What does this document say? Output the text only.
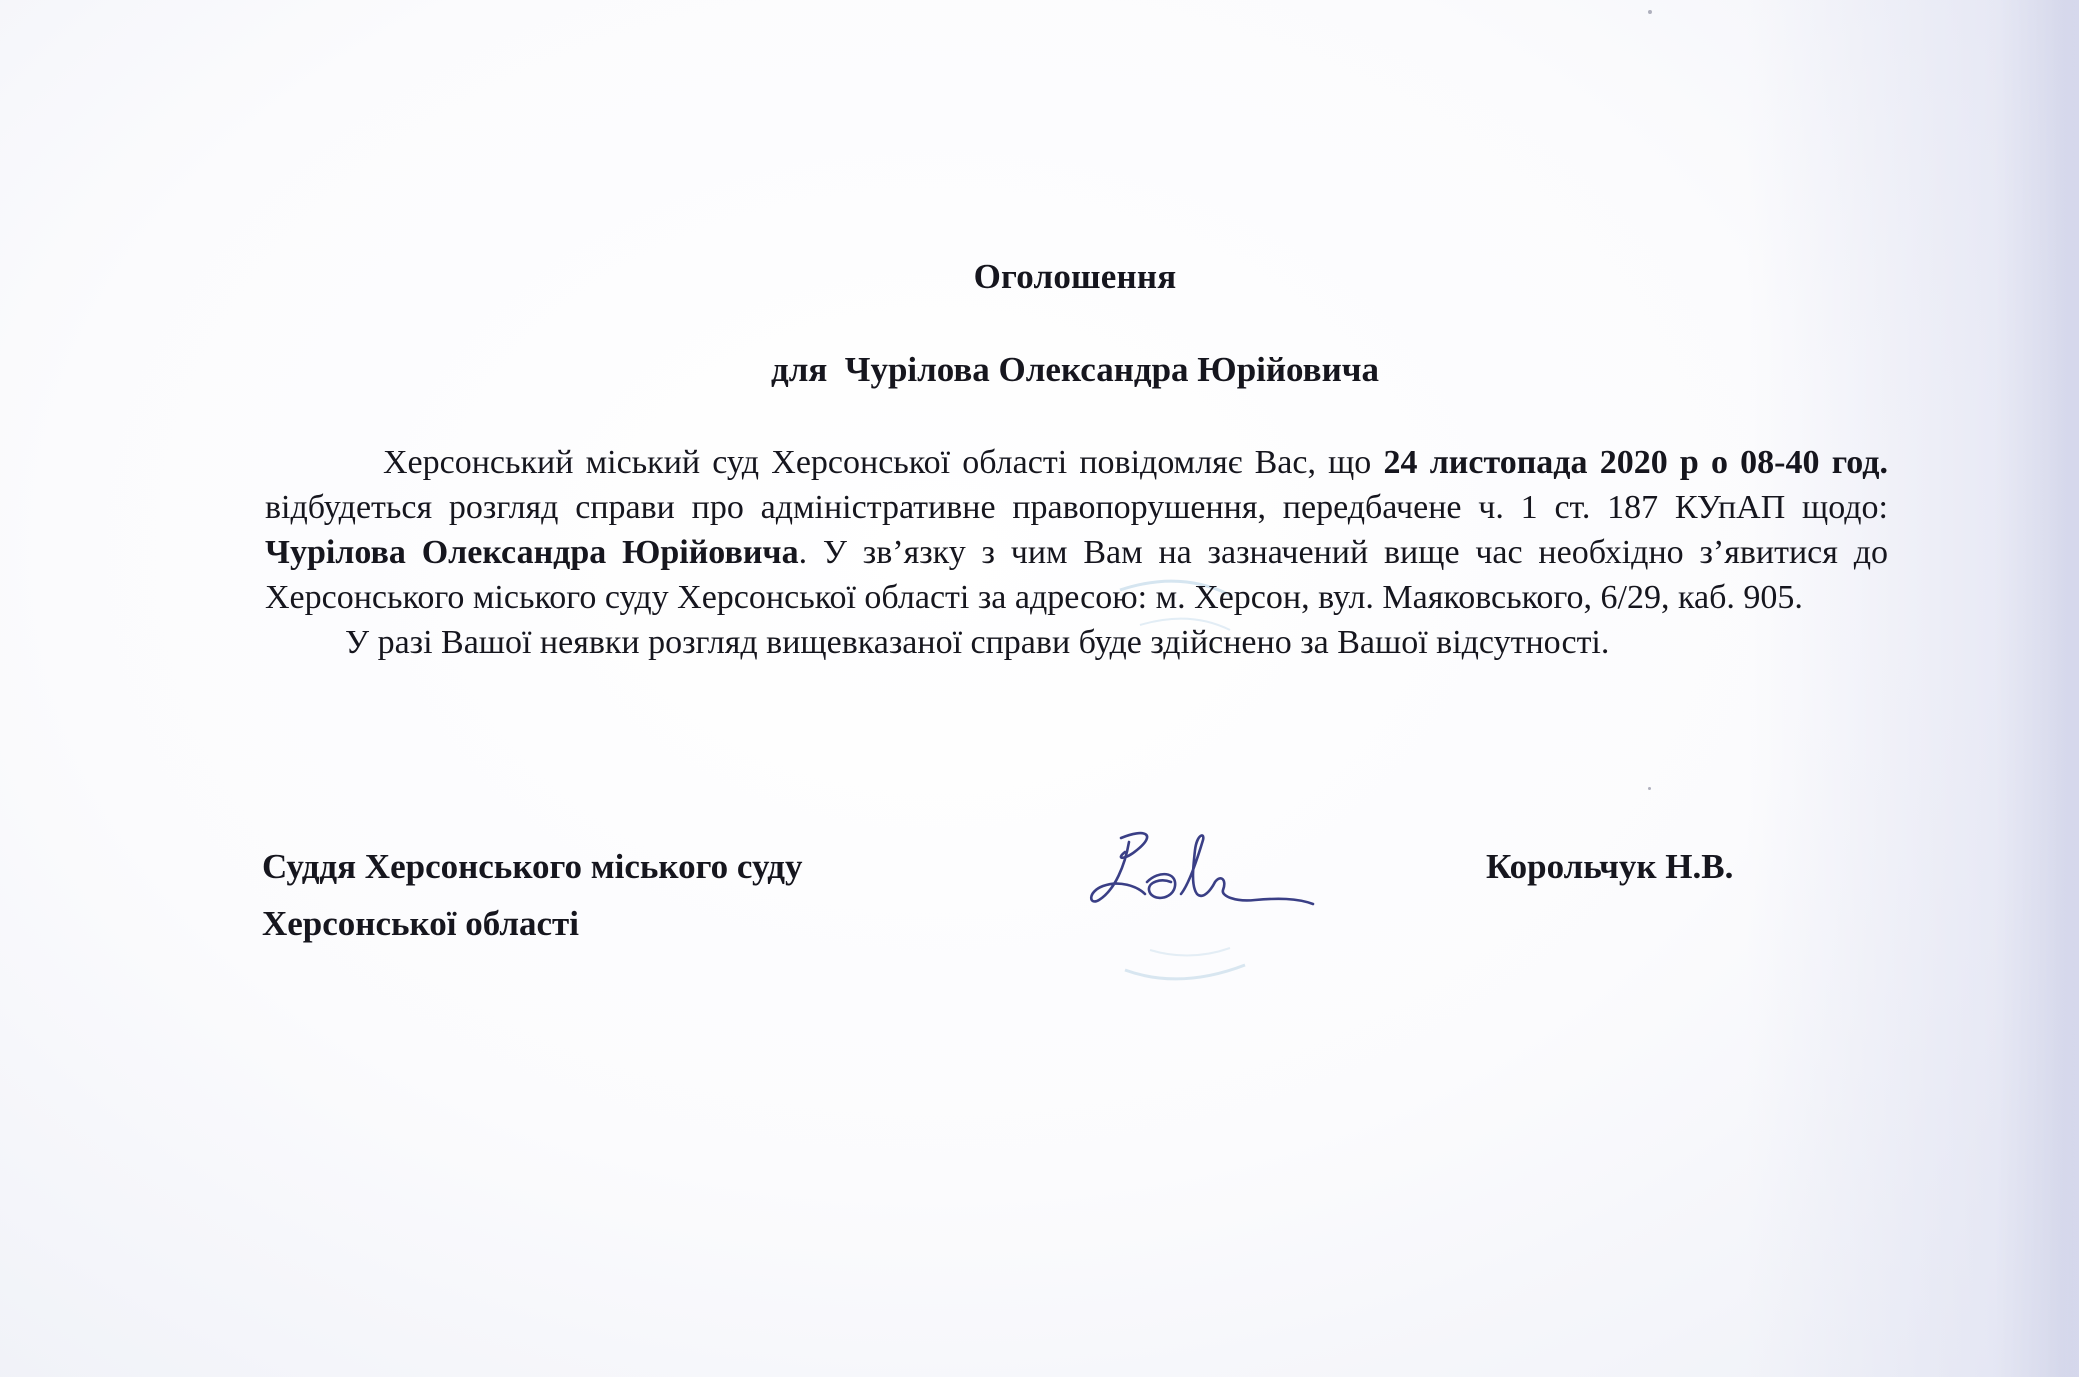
Оголошення
для  Чурілова Олександра Юрійовича

Херсонський міський суд Херсонської області повідомляє Вас, що 24 листопада 2020 р о 08-40 год. відбудеться розгляд справи про адміністративне правопорушення, передбачене ч. 1 ст. 187 КУпАП щодо: Чурілова Олександра Юрійовича. У зв’язку з чим Вам на зазначений вище час необхідно з’явитися до Херсонського міського суду Херсонської області за адресою: м. Херсон, вул. Маяковського, 6/29, каб. 905.

У разі Вашої неявки розгляд вищевказаної справи буде здійснено за Вашої відсутності.

Суддя Херсонського міського суду
Херсонської області
Корольчук Н.В.
